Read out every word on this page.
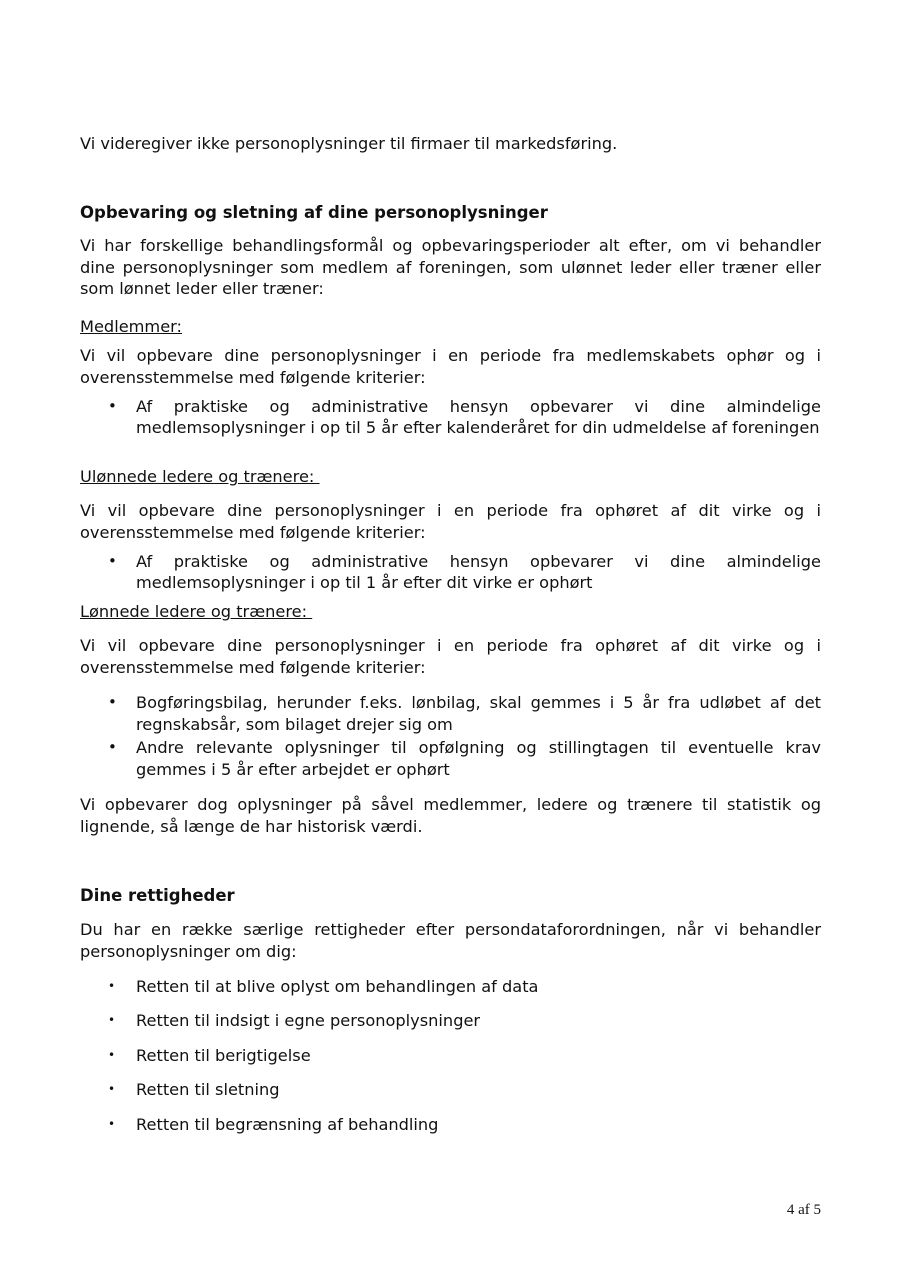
Vi videregiver ikke personoplysninger til firmaer til markedsføring.

Opbevaring og sletning af dine personoplysninger

Vi har forskellige behandlingsformål og opbevaringsperioder alt efter, om vi behandler dine personoplysninger som medlem af foreningen, som ulønnet leder eller træner eller som lønnet leder eller træner:

Medlemmer:

Vi vil opbevare dine personoplysninger i en periode fra medlemskabets ophør og i overensstemmelse med følgende kriterier:

• Af praktiske og administrative hensyn opbevarer vi dine almindelige medlemsoplysninger i op til 5 år efter kalenderåret for din udmeldelse af foreningen

Ulønnede ledere og trænere:

Vi vil opbevare dine personoplysninger i en periode fra ophøret af dit virke og i overensstemmelse med følgende kriterier:

• Af praktiske og administrative hensyn opbevarer vi dine almindelige medlemsoplysninger i op til 1 år efter dit virke er ophørt

Lønnede ledere og trænere:

Vi vil opbevare dine personoplysninger i en periode fra ophøret af dit virke og i overensstemmelse med følgende kriterier:

• Bogføringsbilag, herunder f.eks. lønbilag, skal gemmes i 5 år fra udløbet af det regnskabsår, som bilaget drejer sig om

• Andre relevante oplysninger til opfølgning og stillingtagen til eventuelle krav gemmes i 5 år efter arbejdet er ophørt

Vi opbevarer dog oplysninger på såvel medlemmer, ledere og trænere til statistik og lignende, så længe de har historisk værdi.

Dine rettigheder

Du har en række særlige rettigheder efter persondataforordningen, når vi behandler personoplysninger om dig:

• Retten til at blive oplyst om behandlingen af data

• Retten til indsigt i egne personoplysninger

• Retten til berigtigelse

• Retten til sletning

• Retten til begrænsning af behandling

4 af 5
